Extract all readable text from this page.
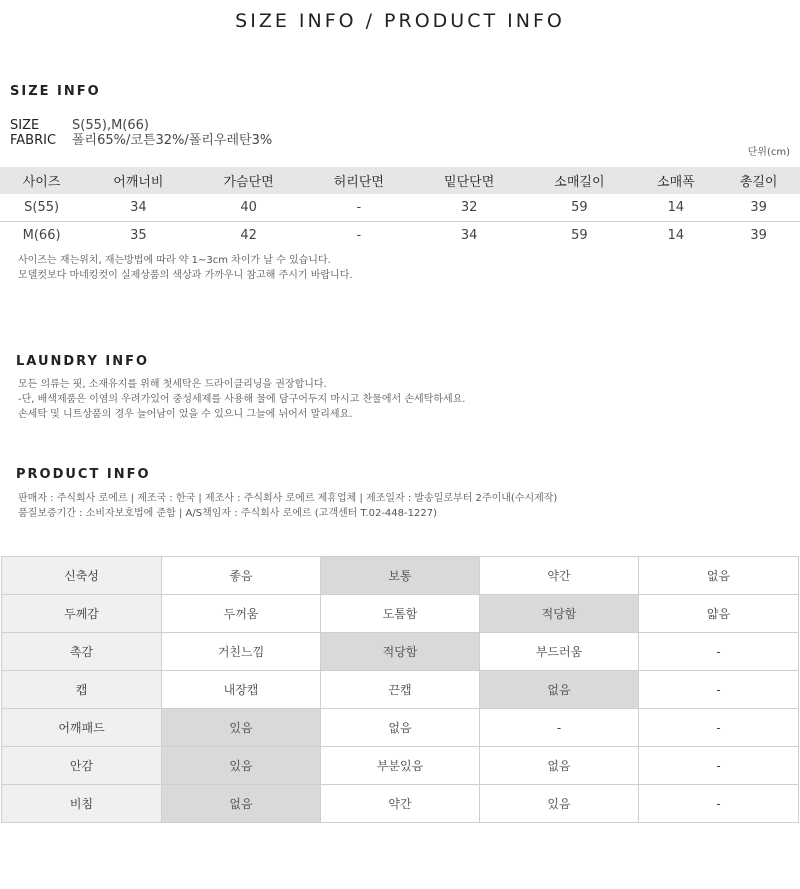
SIZE INFO / PRODUCT INFO
SIZE INFO
SIZE	S(55),M(66)
FABRIC	폴리65%/코튼32%/폴리우레탄3%
단위(cm)
사이즈	어깨너비	가슴단면	허리단면	밑단단면	소매길이	소매폭	총길이
S(55)	34	40	-	32	59	14	39
M(66)	35	42	-	34	59	14	39
사이즈는 재는위치, 재는방법에 따라 약 1~3cm 차이가 날 수 있습니다.
모델컷보다 마네킹컷이 실제상품의 색상과 가까우니 참고해 주시기 바랍니다.
LAUNDRY INFO
모든 의류는 핏, 소재유지를 위해 첫세탁은 드라이클리닝을 권장합니다.
-단, 배색제품은 이염의 우려가있어 중성세제를 사용해 물에 담구어두지 마시고 찬물에서 손세탁하세요.
손세탁 및 니트상품의 경우 늘어남이 었을 수 있으니 그늘에 뉘어서 말리세요.
PRODUCT INFO
판매자 : 주식회사 로에르 | 제조국 : 한국 | 제조사 : 주식회사 로에르 제휴업체 | 제조일자 : 발송일로부터 2주이내(수시제작)
품질보증기간 : 소비자보호법에 준함 | A/S책임자 : 주식회사 로에르 (고객센터 T.02-448-1227)
신축성	좋음	보통	약간	없음
두께감	두꺼움	도톰함	적당함	얇음
촉감	거친느낌	적당함	부드러움	-
캡	내장캡	끈캡	없음	-
어깨패드	있음	없음	-	-
안감	있음	부분있음	없음	-
비침	없음	약간	있음	-
